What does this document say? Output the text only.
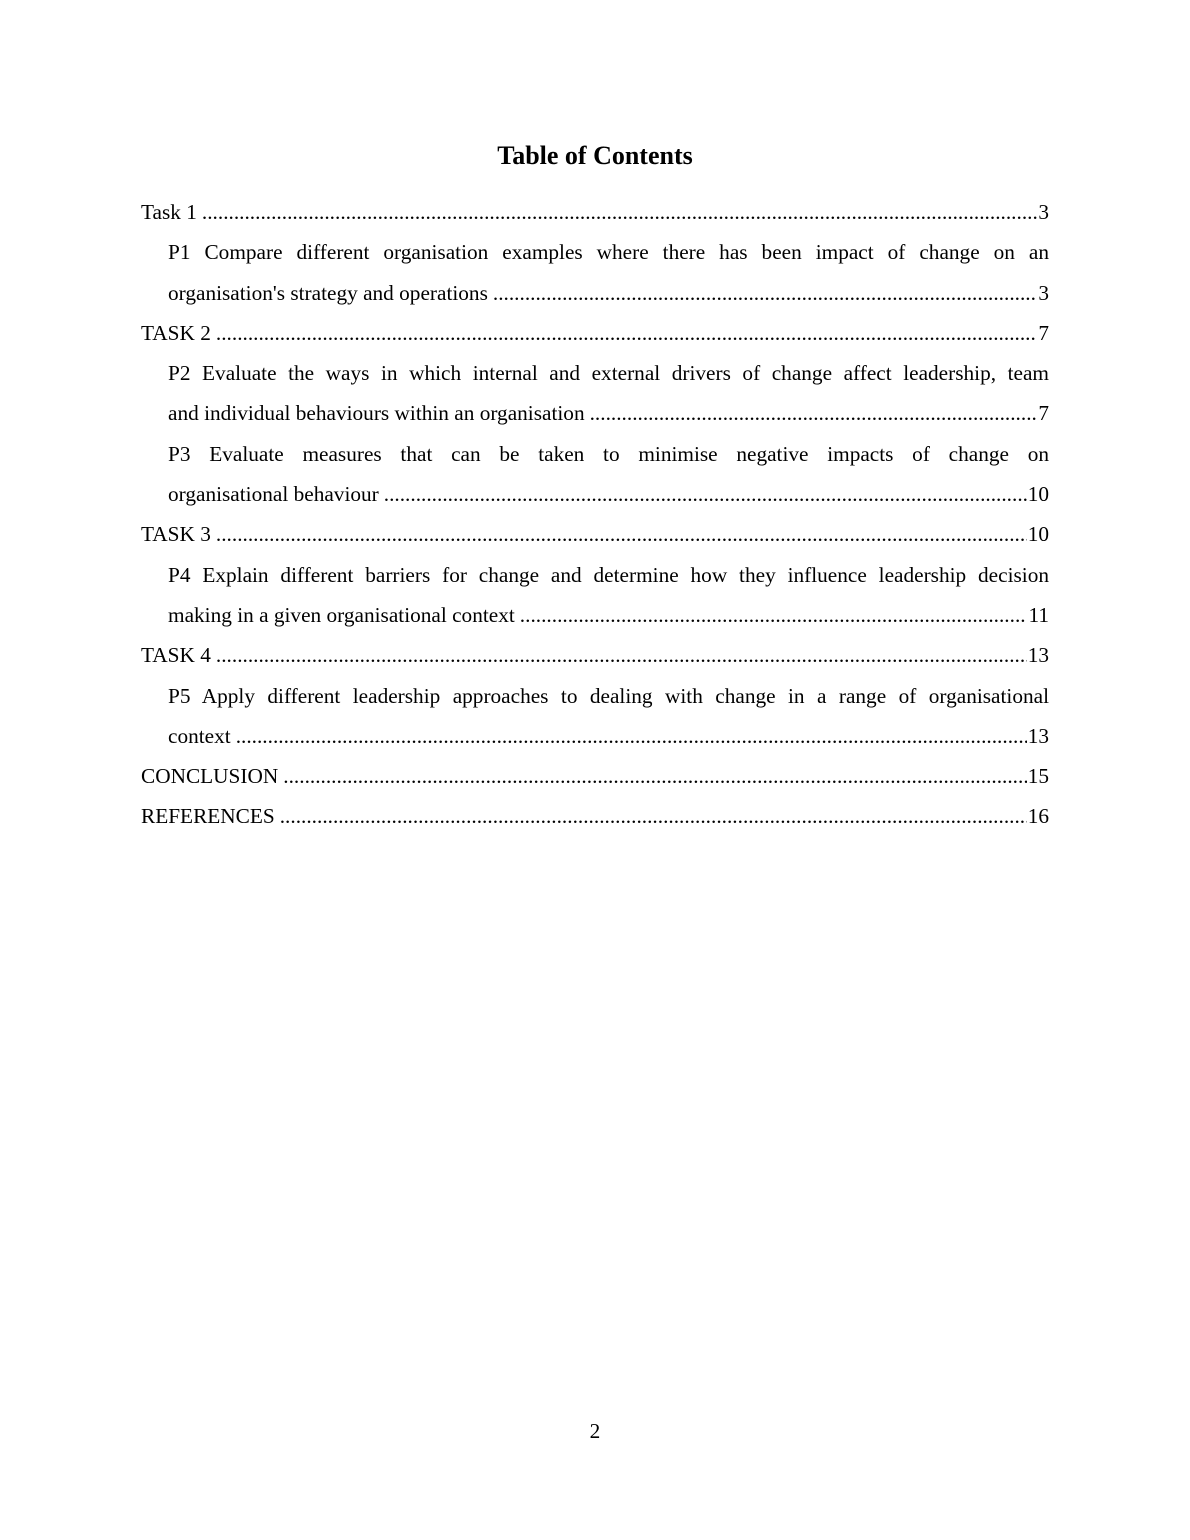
Table of Contents
Task 1 .....	3
P1 Compare different organisation examples where there has been impact of change on an
organisation's strategy and operations .....	3
TASK 2 .....	7
P2 Evaluate the ways in which internal and external drivers of change affect leadership, team
and individual behaviours within an organisation .....	7
P3 Evaluate measures that can be taken to minimise negative impacts of change on
organisational behaviour .....	10
TASK 3 .....	10
P4 Explain different barriers for change and determine how they influence leadership decision
making in a given organisational context .....	11
TASK 4 .....	13
P5 Apply different leadership approaches to dealing with change in a range of organisational
context .....	13
CONCLUSION .....	15
REFERENCES .....	16
2
